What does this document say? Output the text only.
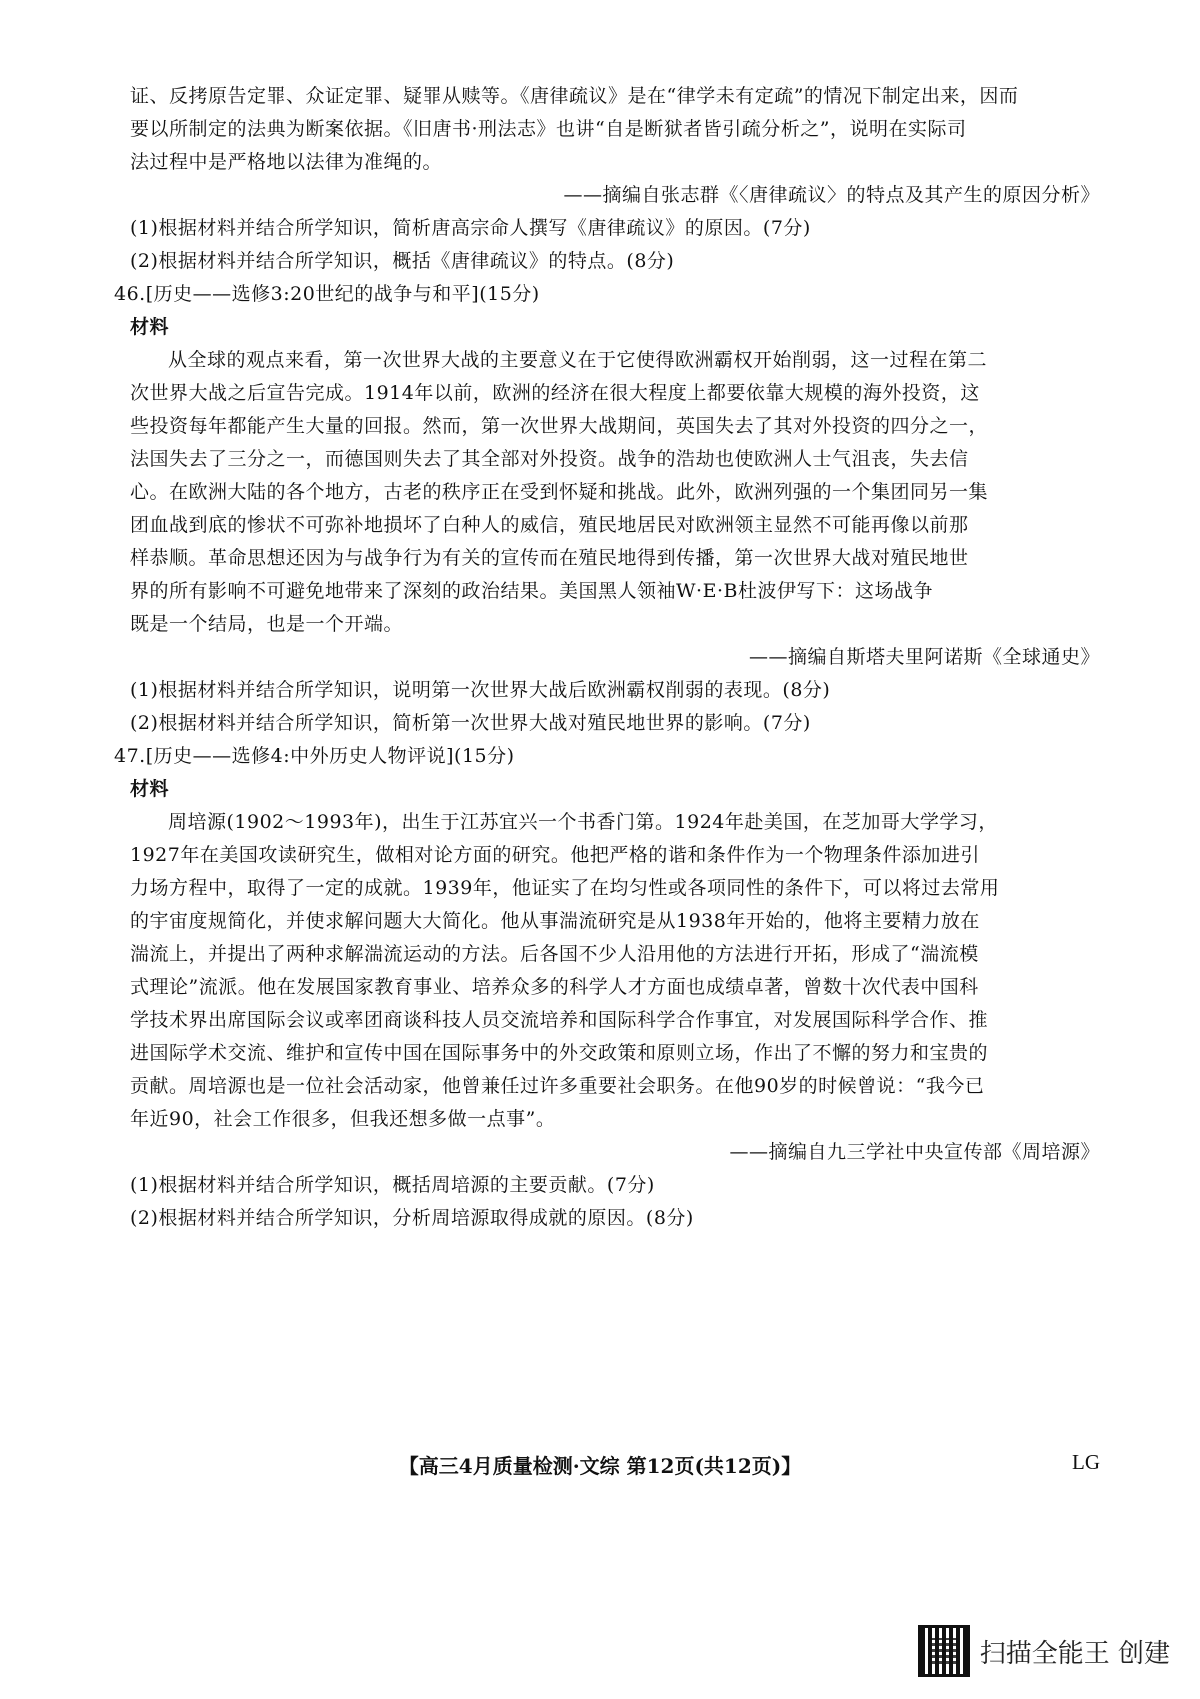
证、反拷原告定罪、众证定罪、疑罪从赎等。《唐律疏议》是在“律学未有定疏”的情况下制定出来，因而

要以所制定的法典为断案依据。《旧唐书·刑法志》也讲“自是断狱者皆引疏分析之”，说明在实际司

法过程中是严格地以法律为准绳的。

——摘编自张志群《〈唐律疏议〉的特点及其产生的原因分析》

(1)根据材料并结合所学知识，简析唐高宗命人撰写《唐律疏议》的原因。(7分)

(2)根据材料并结合所学知识，概括《唐律疏议》的特点。(8分)

46.[历史——选修3:20世纪的战争与和平](15分)

材料

从全球的观点来看，第一次世界大战的主要意义在于它使得欧洲霸权开始削弱，这一过程在第二

次世界大战之后宣告完成。1914年以前，欧洲的经济在很大程度上都要依靠大规模的海外投资，这

些投资每年都能产生大量的回报。然而，第一次世界大战期间，英国失去了其对外投资的四分之一，

法国失去了三分之一，而德国则失去了其全部对外投资。战争的浩劫也使欧洲人士气沮丧，失去信

心。在欧洲大陆的各个地方，古老的秩序正在受到怀疑和挑战。此外，欧洲列强的一个集团同另一集

团血战到底的惨状不可弥补地损坏了白种人的威信，殖民地居民对欧洲领主显然不可能再像以前那

样恭顺。革命思想还因为与战争行为有关的宣传而在殖民地得到传播，第一次世界大战对殖民地世

界的所有影响不可避免地带来了深刻的政治结果。美国黑人领袖W·E·B杜波伊写下：这场战争

既是一个结局，也是一个开端。

——摘编自斯塔夫里阿诺斯《全球通史》

(1)根据材料并结合所学知识，说明第一次世界大战后欧洲霸权削弱的表现。(8分)

(2)根据材料并结合所学知识，简析第一次世界大战对殖民地世界的影响。(7分)

47.[历史——选修4:中外历史人物评说](15分)

材料

周培源(1902～1993年)，出生于江苏宜兴一个书香门第。1924年赴美国，在芝加哥大学学习，

1927年在美国攻读研究生，做相对论方面的研究。他把严格的谐和条件作为一个物理条件添加进引

力场方程中，取得了一定的成就。1939年，他证实了在均匀性或各项同性的条件下，可以将过去常用

的宇宙度规简化，并使求解问题大大简化。他从事湍流研究是从1938年开始的，他将主要精力放在

湍流上，并提出了两种求解湍流运动的方法。后各国不少人沿用他的方法进行开拓，形成了“湍流模

式理论”流派。他在发展国家教育事业、培养众多的科学人才方面也成绩卓著，曾数十次代表中国科

学技术界出席国际会议或率团商谈科技人员交流培养和国际科学合作事宜，对发展国际科学合作、推

进国际学术交流、维护和宣传中国在国际事务中的外交政策和原则立场，作出了不懈的努力和宝贵的

贡献。周培源也是一位社会活动家，他曾兼任过许多重要社会职务。在他90岁的时候曾说：“我今已

年近90，社会工作很多，但我还想多做一点事”。

——摘编自九三学社中央宣传部《周培源》

(1)根据材料并结合所学知识，概括周培源的主要贡献。(7分)

(2)根据材料并结合所学知识，分析周培源取得成就的原因。(8分)

【高三4月质量检测·文综 第12页(共12页)】	LG
扫描全能王 创建
